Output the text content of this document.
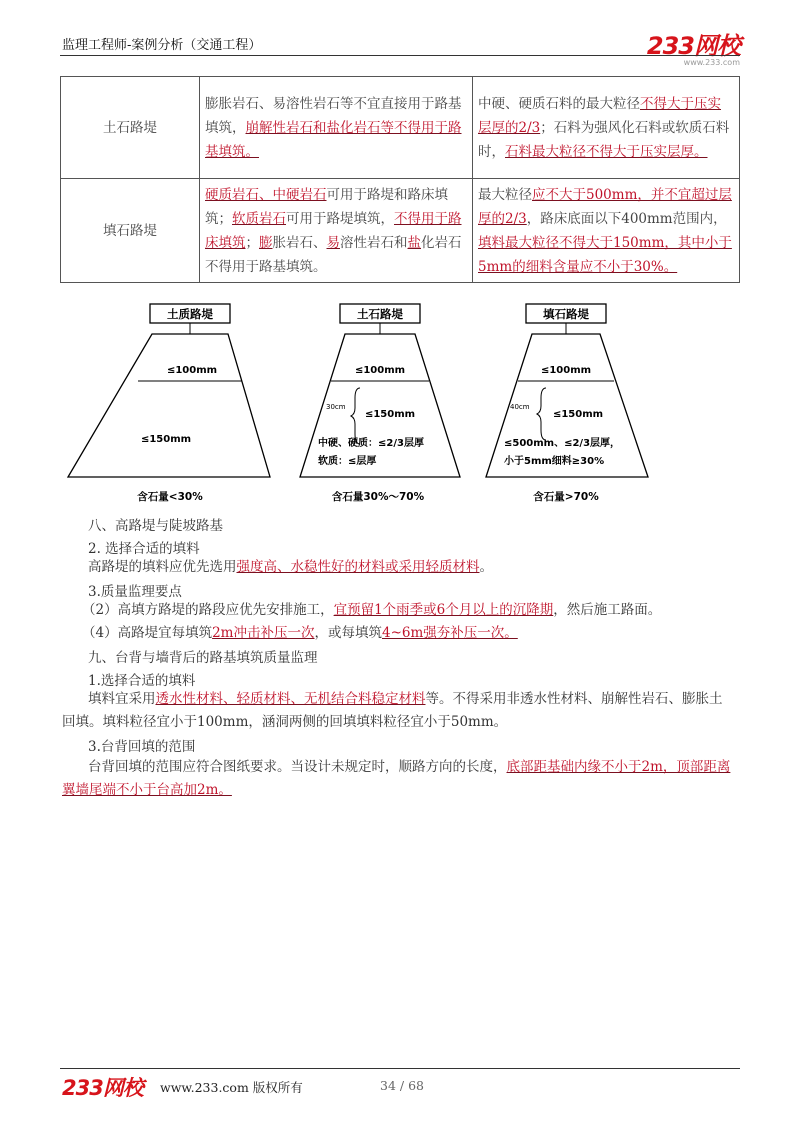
监理工程师-案例分析（交通工程）	233网校
www.233.com
土石路堤	膨胀岩石、易溶性岩石等不宜直接用于路基填筑，崩解性岩石和盐化岩石等不得用于路基填筑。	中硬、硬质石料的最大粒径不得大于压实层厚的2/3；石料为强风化石料或软质石料时，石料最大粒径不得大于压实层厚。
填石路堤	硬质岩石、中硬岩石可用于路堤和路床填筑；软质岩石可用于路堤填筑，不得用于路床填筑；膨胀岩石、易溶性岩石和盐化岩石不得用于路基填筑。	最大粒径应不大于500mm，并不宜超过层厚的2/3，路床底面以下400mm范围内，填料最大粒径不得大于150mm，其中小于5mm的细料含量应不小于30%。
土质路堤
≤100mm
≤150mm
含石量<30%
土石路堤
≤100mm
30cm
≤150mm
中硬、硬质：≤2/3层厚
软质：≤层厚
含石量30%～70%
填石路堤
≤100mm
40cm
≤150mm
≤500mm、≤2/3层厚，
小于5mm细料≥30%
含石量>70%
八、高路堤与陡坡路基
2. 选择合适的填料
高路堤的填料应优先选用强度高、水稳性好的材料或采用轻质材料。
3.质量监理要点
（2）高填方路堤的路段应优先安排施工，宜预留1个雨季或6个月以上的沉降期，然后施工路面。
（4）高路堤宜每填筑2m冲击补压一次，或每填筑4~6m强夯补压一次。
九、台背与墙背后的路基填筑质量监理
1.选择合适的填料
填料宜采用透水性材料、轻质材料、无机结合料稳定材料等。不得采用非透水性材料、崩解性岩石、膨胀土回填。填料粒径宜小于100mm，涵洞两侧的回填填料粒径宜小于50mm。
3.台背回填的范围
台背回填的范围应符合图纸要求。当设计未规定时，顺路方向的长度，底部距基础内缘不小于2m，顶部距离翼墙尾端不小于台高加2m。
233网校 www.233.com 版权所有	34 / 68
